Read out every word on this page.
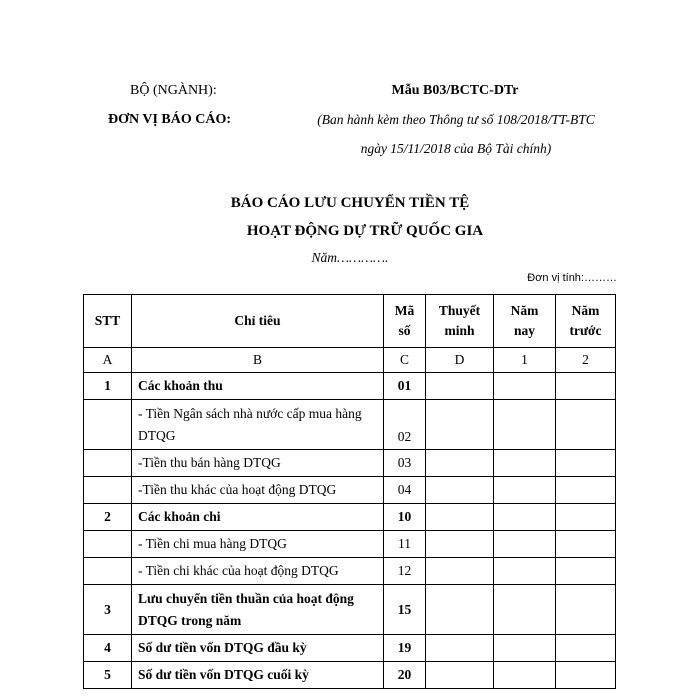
BỘ (NGÀNH):
ĐƠN VỊ BÁO CÁO:
Mẫu B03/BCTC-DTr
(Ban hành kèm theo Thông tư số 108/2018/TT-BTC
ngày 15/11/2018 của Bộ Tài chính)
BÁO CÁO LƯU CHUYỂN TIỀN TỆ
HOẠT ĐỘNG DỰ TRỮ QUỐC GIA
Năm………….
Đơn vị tính:………
STT	Chỉ tiêu	Mã số	Thuyết minh	Năm nay	Năm trước
A	B	C	D	1	2
1	Các khoản thu	01			
	- Tiền Ngân sách nhà nước cấp mua hàng DTQG	02			
	-Tiền thu bán hàng DTQG	03			
	-Tiền thu khác của hoạt động DTQG	04			
2	Các khoản chi	10			
	- Tiền chi mua hàng DTQG	11			
	- Tiền chi khác của hoạt động DTQG	12			
3	Lưu chuyển tiền thuần của hoạt động DTQG trong năm	15			
4	Số dư tiền vốn DTQG đầu kỳ	19			
5	Số dư tiền vốn DTQG cuối kỳ	20			
